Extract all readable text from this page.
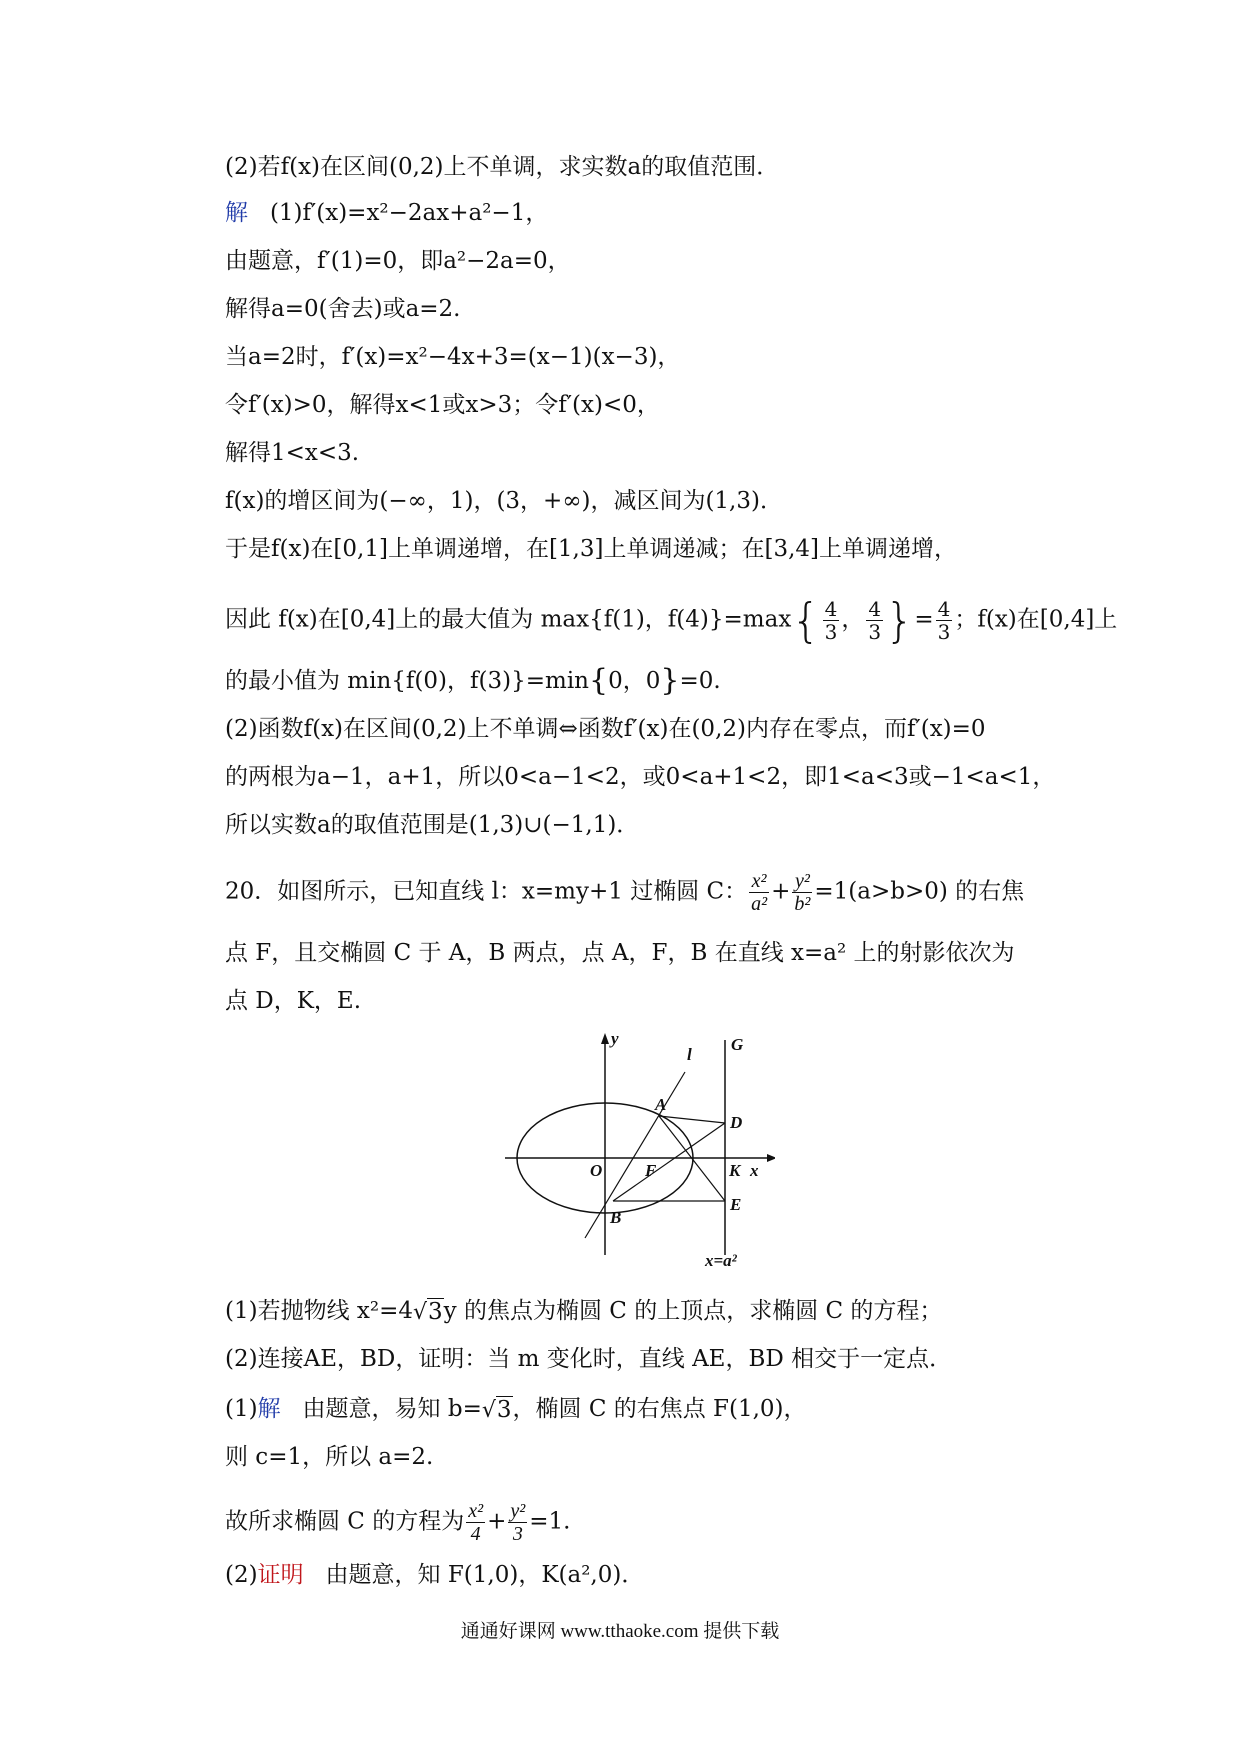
(2)若f(x)在区间(0,2)上不单调，求实数a的取值范围．
解 (1)f′(x)=x²−2ax+a²−1，
由题意，f′(1)=0，即a²−2a=0，
解得a=0(舍去)或a=2.
当a=2时，f′(x)=x²−4x+3=(x−1)(x−3)，
令f′(x)>0，解得x<1或x>3；令f′(x)<0，
解得1<x<3.
f(x)的增区间为(−∞，1)，(3，+∞)，减区间为(1,3)．
于是f(x)在[0,1]上单调递增，在[1,3]上单调递减；在[3,4]上单调递增，
因此 f(x)在[0,4]上的最大值为 max{f(1)，$f(4)\}=\max\{ \frac{4}{3}$ ， $\frac{4}{3}$ }= $\frac{4}{3}$ ；f(x)在[0,4]上
的最小值为 min{f(0)，f(3)}=min{0，0}=0.
(2)函数f(x)在区间(0,2)上不单调⇔函数f′(x)在(0,2)内存在零点，而f′(x)=0
的两根为a−1，a+1，所以0<a−1<2，或0<a+1<2，即1<a<3或−1<a<1，
所以实数a的取值范围是(1,3)∪(−1,1)．
20．如图所示，已知直线 l：x=my+1 过椭圆 C： $\frac{\text{x²}}{\text{a²}} + \frac{\text{y²}}{\text{b²}} =1(a>b>0)$ 的右焦
点 F，且交椭圆 C 于 A，B 两点，点 A，F，B 在直线 x=a² 上的射影依次为
点 D，K，E.
y
l
G
A
D
O	F	K x
B
E
x=a²
(1)若抛物线 x²=4√3y 的焦点为椭圆 C 的上顶点，求椭圆 C 的方程；
(2)连接AE，BD，证明：当 m 变化时，直线 AE，BD 相交于一定点．
(1)解 由题意，易知 b=√3，椭圆 C 的右焦点 F(1,0)，
则 c=1，所以 a=2.
故所求椭圆 C 的方程为 $\frac{\text{x²}}{4} + \frac{\text{y²}}{3} =1$.
(2)证明 由题意，知 F(1,0)，K(a²,0)．
通通好课网 www.tthaoke.com 提供下载
